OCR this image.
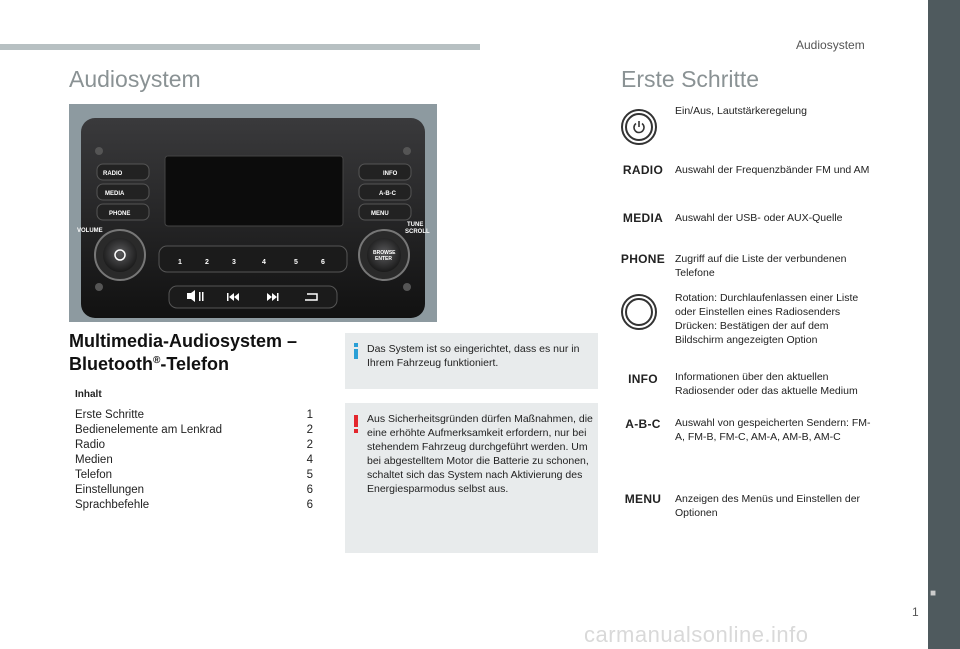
Audiosystem
Audiosystem
RADIO
MEDIA
PHONE
INFO
A-B-C
MENU
VOLUME
TUNE
SCROLL
BROWSE
ENTER
1	2	3	4	5	6
Multimedia-Audiosystem –
Bluetooth®-Telefon
Inhalt
Erste Schritte	1
Bedienelemente am Lenkrad	2
Radio	2
Medien	4
Telefon	5
Einstellungen	6
Sprachbefehle	6
Das System ist so eingerichtet, dass es nur in Ihrem Fahrzeug funktioniert.
Aus Sicherheitsgründen dürfen Maßnahmen, die eine erhöhte Aufmerksamkeit erfordern, nur bei stehendem Fahrzeug durchgeführt werden. Um bei abgestelltem Motor die Batterie zu schonen, schaltet sich das System nach Aktivierung des Energiesparmodus selbst aus.
Erste Schritte
Ein/Aus, Lautstärkeregelung
RADIO	Auswahl der Frequenzbänder FM und AM
MEDIA	Auswahl der USB- oder AUX-Quelle
PHONE Zugriff auf die Liste der verbundenen Telefone
Rotation: Durchlaufenlassen einer Liste oder Einstellen eines Radiosenders Drücken: Bestätigen der auf dem Bildschirm angezeigten Option
INFO	Informationen über den aktuellen Radiosender oder das aktuelle Medium
A-B-C	Auswahl von gespeicherten Sendern: FM-A, FM-B, FM-C, AM-A, AM-B, AM-C
MENU	Anzeigen des Menüs und Einstellen der Optionen
■
1
carmanualsonline.info
